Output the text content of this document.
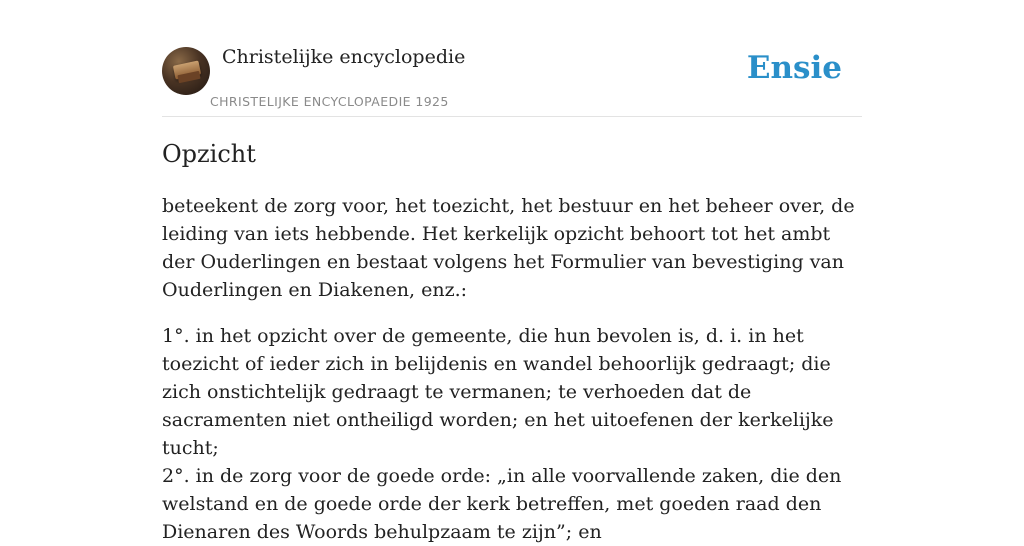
Christelijke encyclopedie
CHRISTELIJKE ENCYCLOPAEDIE 1925
Ensie
Opzicht

beteekent de zorg voor, het toezicht, het bestuur en het beheer over, de leiding van iets hebbende. Het kerkelijk opzicht behoort tot het ambt der Ouderlingen en bestaat volgens het Formulier van bevestiging van Ouderlingen en Diakenen, enz.:

1°. in het opzicht over de gemeente, die hun bevolen is, d. i. in het toezicht of ieder zich in belijdenis en wandel behoorlijk gedraagt; die zich onstichtelijk gedraagt te vermanen; te verhoeden dat de sacramenten niet ontheiligd worden; en het uitoefenen der kerkelijke tucht;
2°. in de zorg voor de goede orde: „in alle voorvallende zaken, die den welstand en de goede orde der kerk betreffen, met goeden raad den Dienaren des Woords behulpzaam te zijn”; en
